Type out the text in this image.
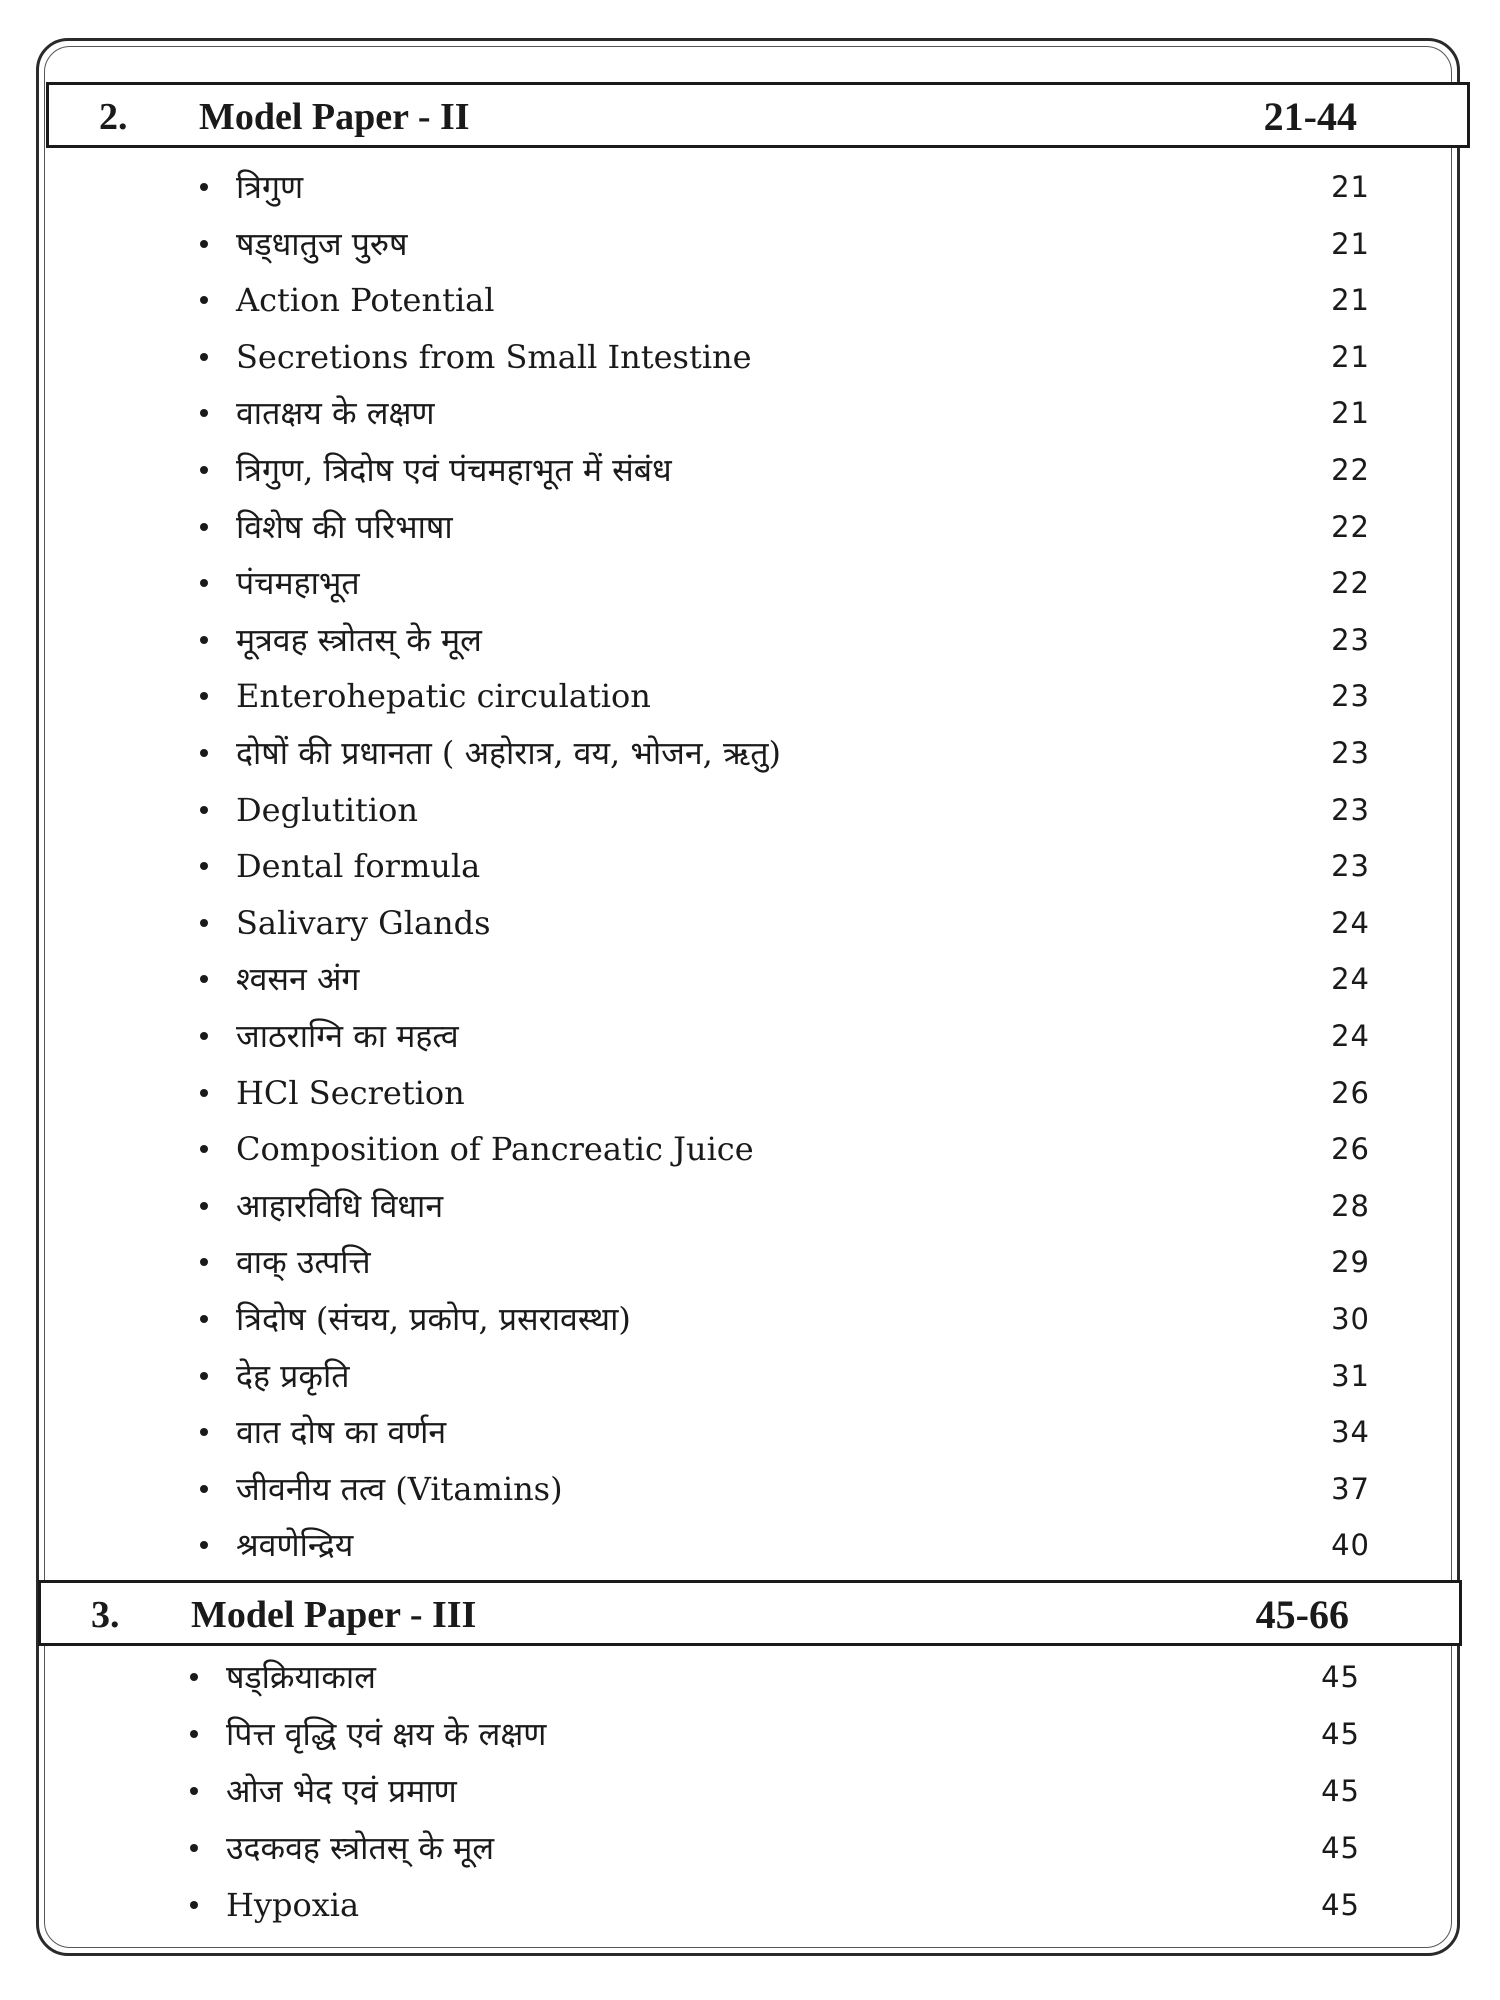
2. Model Paper - II	21-44
त्रिगुण	21
षड्धातुज पुरुष	21
Action Potential	21
Secretions from Small Intestine	21
वातक्षय के लक्षण	21
त्रिगुण, त्रिदोष एवं पंचमहाभूत में संबंध	22
विशेष की परिभाषा	22
पंचमहाभूत	22
मूत्रवह स्त्रोतस् के मूल	23
Enterohepatic circulation	23
दोषों की प्रधानता ( अहोरात्र, वय, भोजन, ऋतु)	23
Deglutition	23
Dental formula	23
Salivary Glands	24
श्वसन अंग	24
जाठराग्नि का महत्व	24
HCl Secretion	26
Composition of Pancreatic Juice	26
आहारविधि विधान	28
वाक् उत्पत्ति	29
त्रिदोष (संचय, प्रकोप, प्रसरावस्था)	30
देह प्रकृति	31
वात दोष का वर्णन	34
जीवनीय तत्व (Vitamins)	37
श्रवणेन्द्रिय	40
3. Model Paper - III	45-66
षड्क्रियाकाल	45
पित्त वृद्धि एवं क्षय के लक्षण	45
ओज भेद एवं प्रमाण	45
उदकवह स्त्रोतस् के मूल	45
Hypoxia	45
